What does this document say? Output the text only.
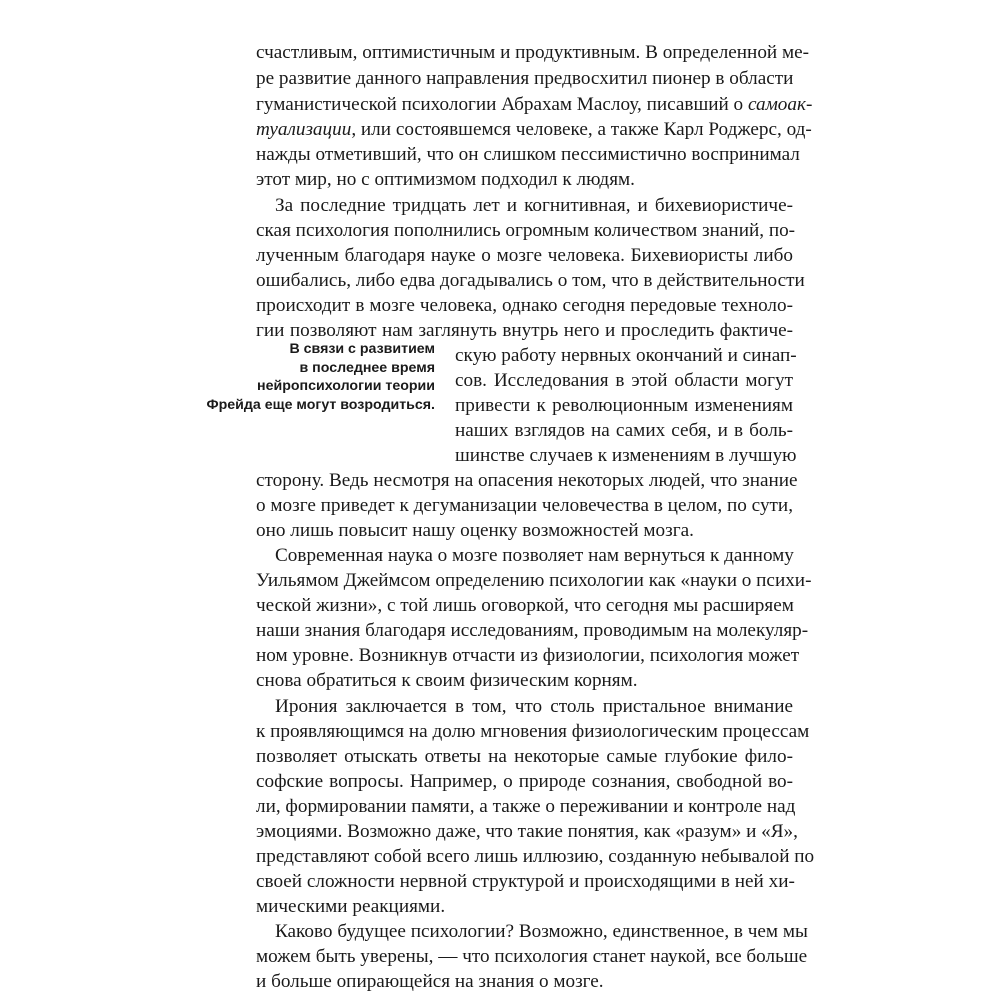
счастливым, оптимистичным и продуктивным. В определенной ме-
ре развитие данного направления предвосхитил пионер в области
гуманистической психологии Абрахам Маслоу, писавший о самоак-
туализации, или состоявшемся человеке, а также Карл Роджерс, од-
нажды отметивший, что он слишком пессимистично воспринимал
этот мир, но с оптимизмом подходил к людям.
За последние тридцать лет и когнитивная, и бихевиористиче-
ская психология пополнились огромным количеством знаний, по-
лученным благодаря науке о мозге человека. Бихевиористы либо
ошибались, либо едва догадывались о том, что в действительности
происходит в мозге человека, однако сегодня передовые техноло-
гии позволяют нам заглянуть внутрь него и проследить фактиче-
скую работу нервных окончаний и синап-
сов. Исследования в этой области могут
привести к революционным изменениям
наших взглядов на самих себя, и в боль-
шинстве случаев к изменениям в лучшую
сторону. Ведь несмотря на опасения некоторых людей, что знание
о мозге приведет к дегуманизации человечества в целом, по сути,
оно лишь повысит нашу оценку возможностей мозга.
В связи с развитием
в последнее время
нейропсихологии теории
Фрейда еще могут возродиться.
Современная наука о мозге позволяет нам вернуться к данному
Уильямом Джеймсом определению психологии как «науки о психи-
ческой жизни», с той лишь оговоркой, что сегодня мы расширяем
наши знания благодаря исследованиям, проводимым на молекуляр-
ном уровне. Возникнув отчасти из физиологии, психология может
снова обратиться к своим физическим корням.
Ирония заключается в том, что столь пристальное внимание
к проявляющимся на долю мгновения физиологическим процессам
позволяет отыскать ответы на некоторые самые глубокие фило-
софские вопросы. Например, о природе сознания, свободной во-
ли, формировании памяти, а также о переживании и контроле над
эмоциями. Возможно даже, что такие понятия, как «разум» и «Я»,
представляют собой всего лишь иллюзию, созданную небывалой по
своей сложности нервной структурой и происходящими в ней хи-
мическими реакциями.
Каково будущее психологии? Возможно, единственное, в чем мы
можем быть уверены, — что психология станет наукой, все больше
и больше опирающейся на знания о мозге.
